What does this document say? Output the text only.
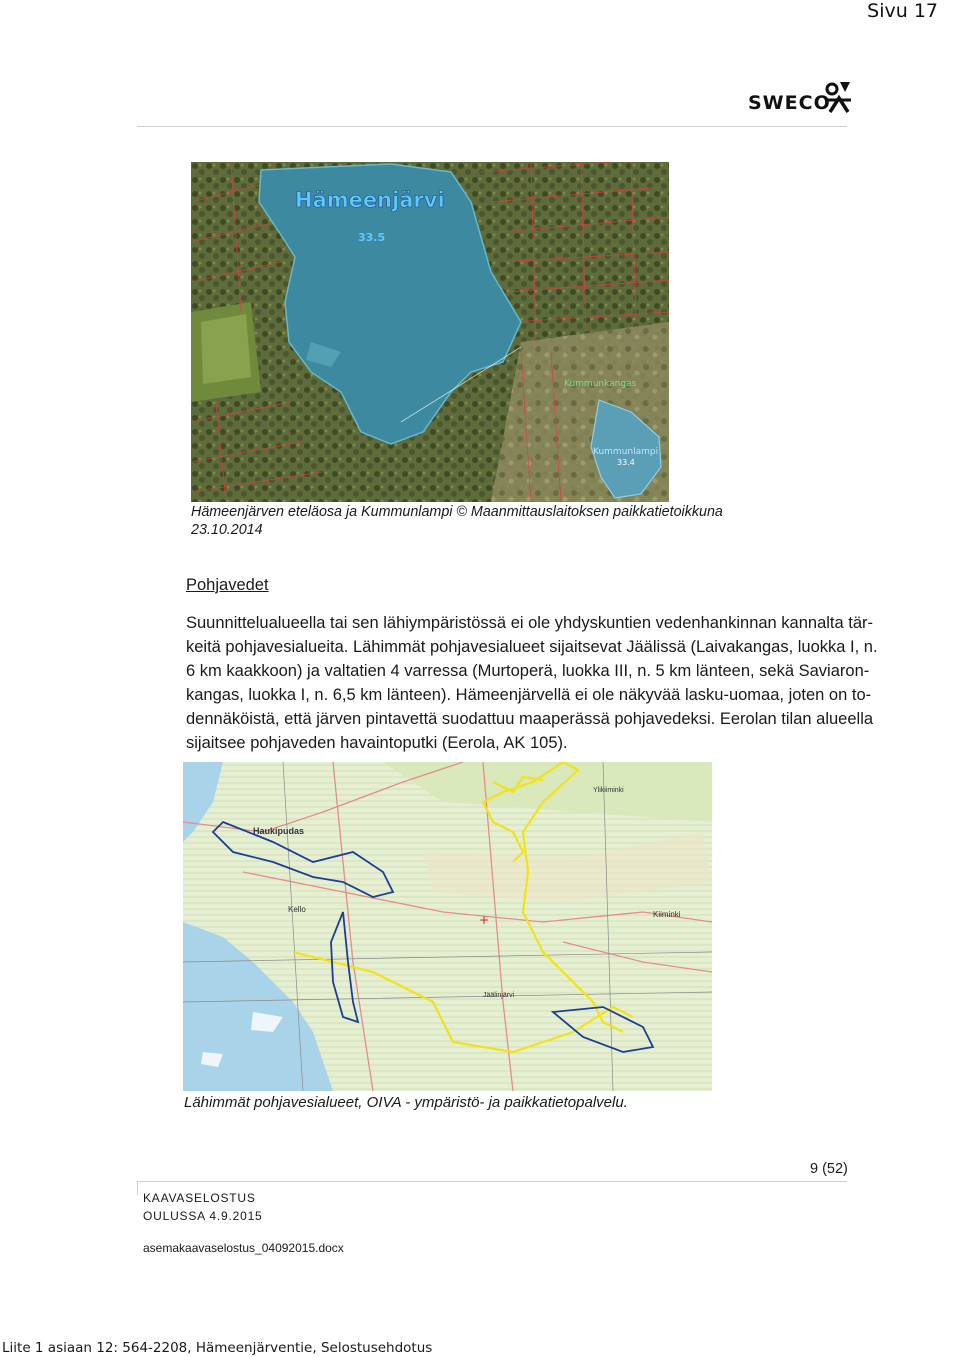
Sivu 17
SWECO
Hämeenjärvi
33.5
Kummunkangas
Kummunlampi
33.4
Hämeenjärven eteläosa ja Kummunlampi © Maanmittauslaitoksen paikkatietoikkuna
23.10.2014
Pohjavedet
Suunnittelualueella tai sen lähiympäristössä ei ole yhdyskuntien vedenhankinnan kannalta tär-
keitä pohjavesialueita. Lähimmät pohjavesialueet sijaitsevat Jäälissä (Laivakangas, luokka I, n.
6 km kaakkoon) ja valtatien 4 varressa (Murtoperä, luokka III, n. 5 km länteen, sekä Saviaron-
kangas, luokka I, n. 6,5 km länteen). Hämeenjärvellä ei ole näkyvää lasku-uomaa, joten on to-
dennäköistä, että järven pintavettä suodattuu maaperässä pohjavedeksi. Eerolan tilan alueella
sijaitsee pohjaveden havaintoputki (Eerola, AK 105).
Haukipudas
Kello
Kiiminki
Jäälinjärvi
Ylikiiminki
+
Lähimmät pohjavesialueet, OIVA - ympäristö- ja paikkatietopalvelu.
9 (52)
KAAVASELOSTUS
OULUSSA 4.9.2015
asemakaavaselostus_04092015.docx
Liite 1 asiaan 12: 564-2208, Hämeenjärventie, Selostusehdotus
